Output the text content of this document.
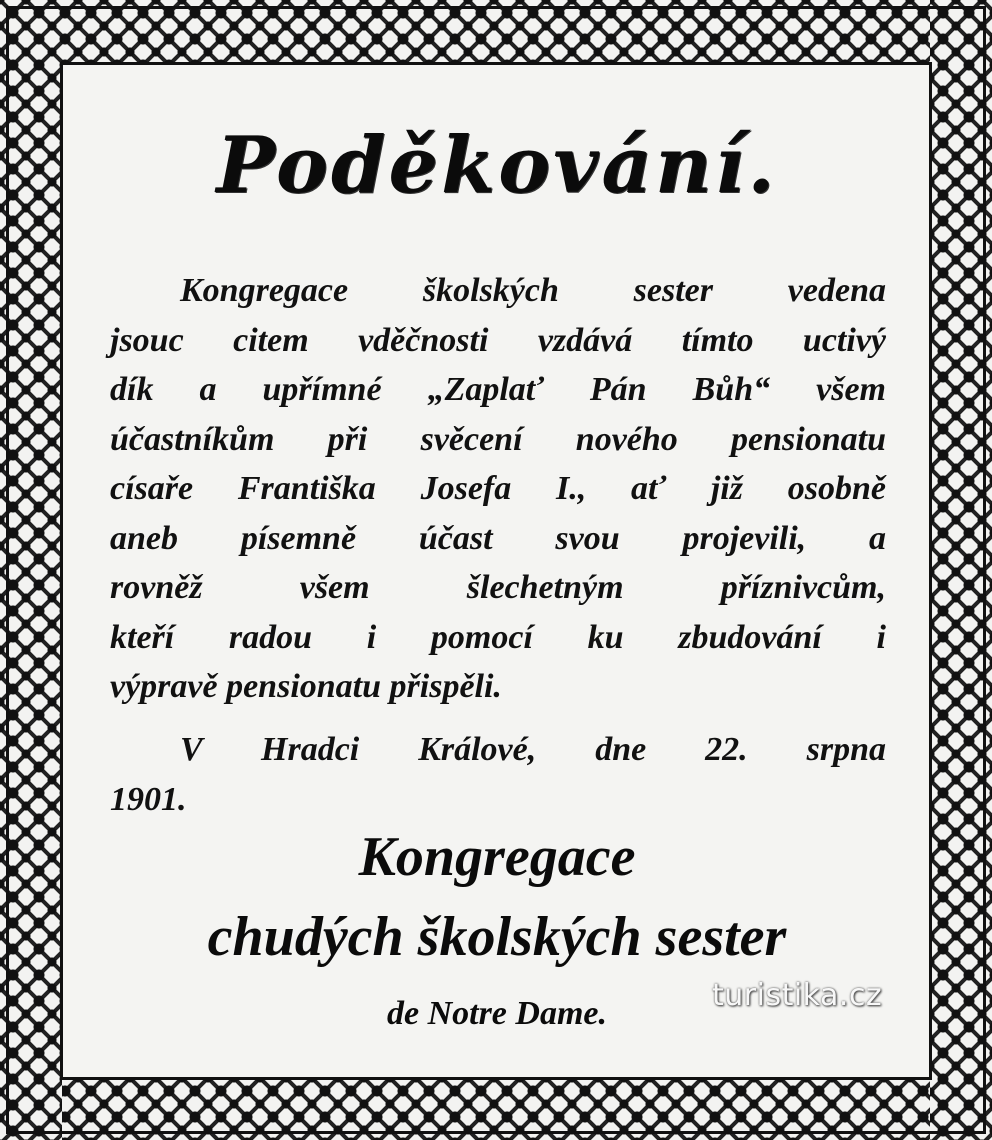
Poděkování.
Kongregace školských sester vedena
jsouc citem vděčnosti vzdává tímto uctivý
dík a upřímné „Zaplať Pán Bůh“ všem
účastníkům při svěcení nového pensionatu
císaře Františka Josefa I., ať již osobně
aneb písemně účast svou projevili, a
rovněž všem šlechetným příznivcům,
kteří radou i pomocí ku zbudování i
výpravě pensionatu přispěli.
V Hradci Králové, dne 22. srpna
1901.
Kongregace
chudých školských sester
de Notre Dame.	turistika.cz
